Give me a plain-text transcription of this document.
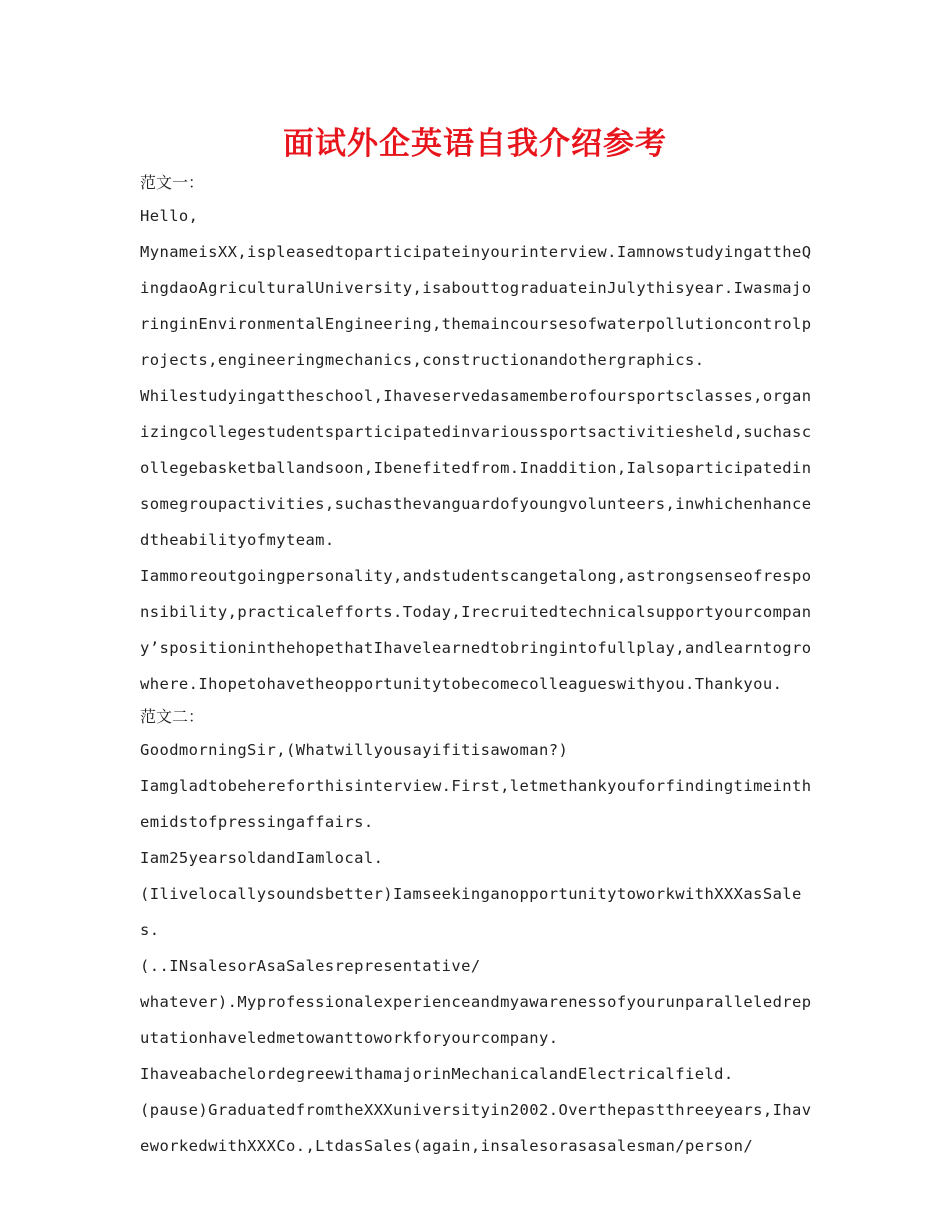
面试外企英语自我介绍参考

范文一：

Hello,

MynameisXX,ispleasedtoparticipateinyourinterview.IamnowstudyingattheQingdaoAgriculturalUniversity,isabouttograduateinJulythisyear.IwasmajoringinEnvironmentalEngineering,themaincoursesofwaterpollutioncontrolprojects,engineeringmechanics,constructionandothergraphics.

Whilestudyingattheschool,Ihaveservedasamemberofoursportsclasses,organizingcollegestudentsparticipatedinvarioussportsactivitiesheld,suchascollegebasketballandsoon,Ibenefitedfrom.Inaddition,Ialsoparticipatedinsomegroupactivities,suchasthevanguardofyoungvolunteers,inwhichenhancedtheabilityofmyteam.

Iammoreoutgoingpersonality,andstudentscangetalong,astrongsenseofresponsibility,practicalefforts.Today,Irecruitedtechnicalsupportyourcompany’spositioninthehopethatIhavelearnedtobringintofullplay,andlearntogrowhere.Ihopetohavetheopportunitytobecomecolleagueswithyou.Thankyou.

范文二：

GoodmorningSir,(Whatwillyousayifitisawoman?)

Iamgladtobehereforthisinterview.First,letmethankyouforfindingtimeinthemidstofpressingaffairs.

Iam25yearsoldandIamlocal.

(Ilivelocallysoundsbetter)IamseekinganopportunitytoworkwithXXXasSales.

(..INsalesorAsaSalesrepresentative/

whatever).Myprofessionalexperienceandmyawarenessofyourunparalleledreputationhaveledmetowanttoworkforyourcompany.

IhaveabachelordegreewithamajorinMechanicalandElectricalfield.

(pause)GraduatedfromtheXXXuniversityin2002.Overthepastthreeyears,IhaveworkedwithXXXCo.,LtdasSales(again,insalesorasasalesman/person/
